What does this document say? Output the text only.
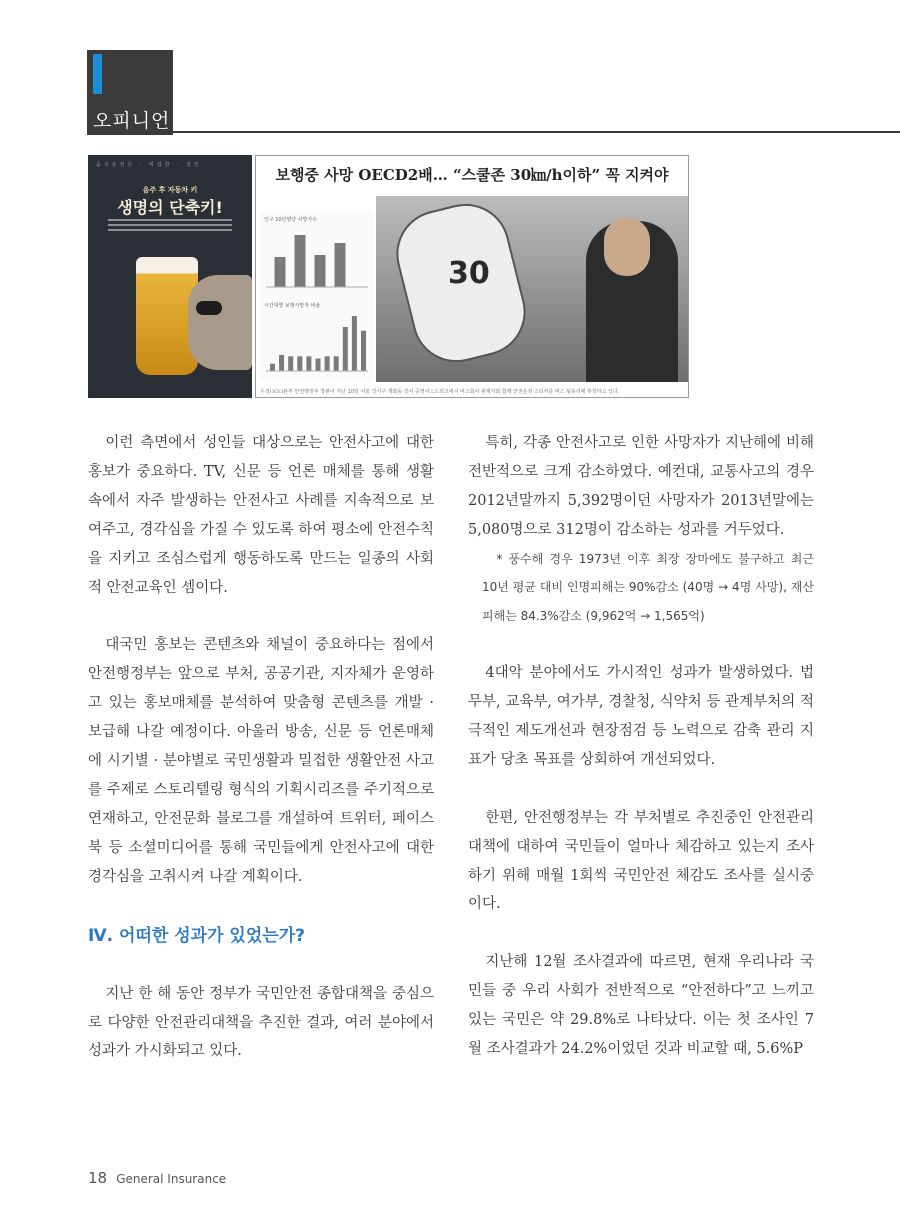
오피니언
음주운전은 · 비겁한 · 살인
음주 후 자동차 키
생명의 단축키!
보행중 사망 OECD2배… “스쿨존 30㎞/h이하” 꼭 지켜야
30
인구 10만명당 사망자수
시간대별 보행사망자 비율
우정(보도)본부 안전행정부 장관이 지난 10일 서울 강서구 개화동 강서 공영어스드리고에서 버스회사 관계자와 함께 안전운전 스티커를 버스 뒷유리에 부착하고 있다.

이런 측면에서 성인들 대상으로는 안전사고에 대한 홍보가 중요하다. TV, 신문 등 언론 매체를 통해 생활 속에서 자주 발생하는 안전사고 사례를 지속적으로 보여주고, 경각심을 가질 수 있도록 하여 평소에 안전수칙을 지키고 조심스럽게 행동하도록 만드는 일종의 사회적 안전교육인 셈이다.

대국민 홍보는 콘텐츠와 채널이 중요하다는 점에서 안전행정부는 앞으로 부처, 공공기관, 지자체가 운영하고 있는 홍보매체를 분석하여 맞춤형 콘텐츠를 개발 · 보급해 나갈 예정이다. 아울러 방송, 신문 등 언론매체에 시기별 · 분야별로 국민생활과 밀접한 생활안전 사고를 주제로 스토리텔링 형식의 기획시리즈를 주기적으로 연재하고, 안전문화 블로그를 개설하여 트위터, 페이스북 등 소셜미디어를 통해 국민들에게 안전사고에 대한 경각심을 고취시켜 나갈 계획이다.

Ⅳ. 어떠한 성과가 있었는가?

지난 한 해 동안 정부가 국민안전 종합대책을 중심으로 다양한 안전관리대책을 추진한 결과, 여러 분야에서 성과가 가시화되고 있다.

특히, 각종 안전사고로 인한 사망자가 지난해에 비해 전반적으로 크게 감소하였다. 예컨대, 교통사고의 경우 2012년말까지 5,392명이던 사망자가 2013년말에는 5,080명으로 312명이 감소하는 성과를 거두었다.

* 풍수해 경우 1973년 이후 최장 장마에도 불구하고 최근 10년 평균 대비 인명피해는 90%감소 (40명 → 4명 사망), 재산피해는 84.3%감소 (9,962억 → 1,565억)

4대악 분야에서도 가시적인 성과가 발생하였다. 법무부, 교육부, 여가부, 경찰청, 식약처 등 관계부처의 적극적인 제도개선과 현장점검 등 노력으로 감축 관리 지표가 당초 목표를 상회하여 개선되었다.

한편, 안전행정부는 각 부처별로 추진중인 안전관리 대책에 대하여 국민들이 얼마나 체감하고 있는지 조사하기 위해 매월 1회씩 국민안전 체감도 조사를 실시중이다.

지난해 12월 조사결과에 따르면, 현재 우리나라 국민들 중 우리 사회가 전반적으로 “안전하다”고 느끼고 있는 국민은 약 29.8%로 나타났다. 이는 첫 조사인 7월 조사결과가 24.2%이었던 것과 비교할 때, 5.6%P

18 General Insurance
